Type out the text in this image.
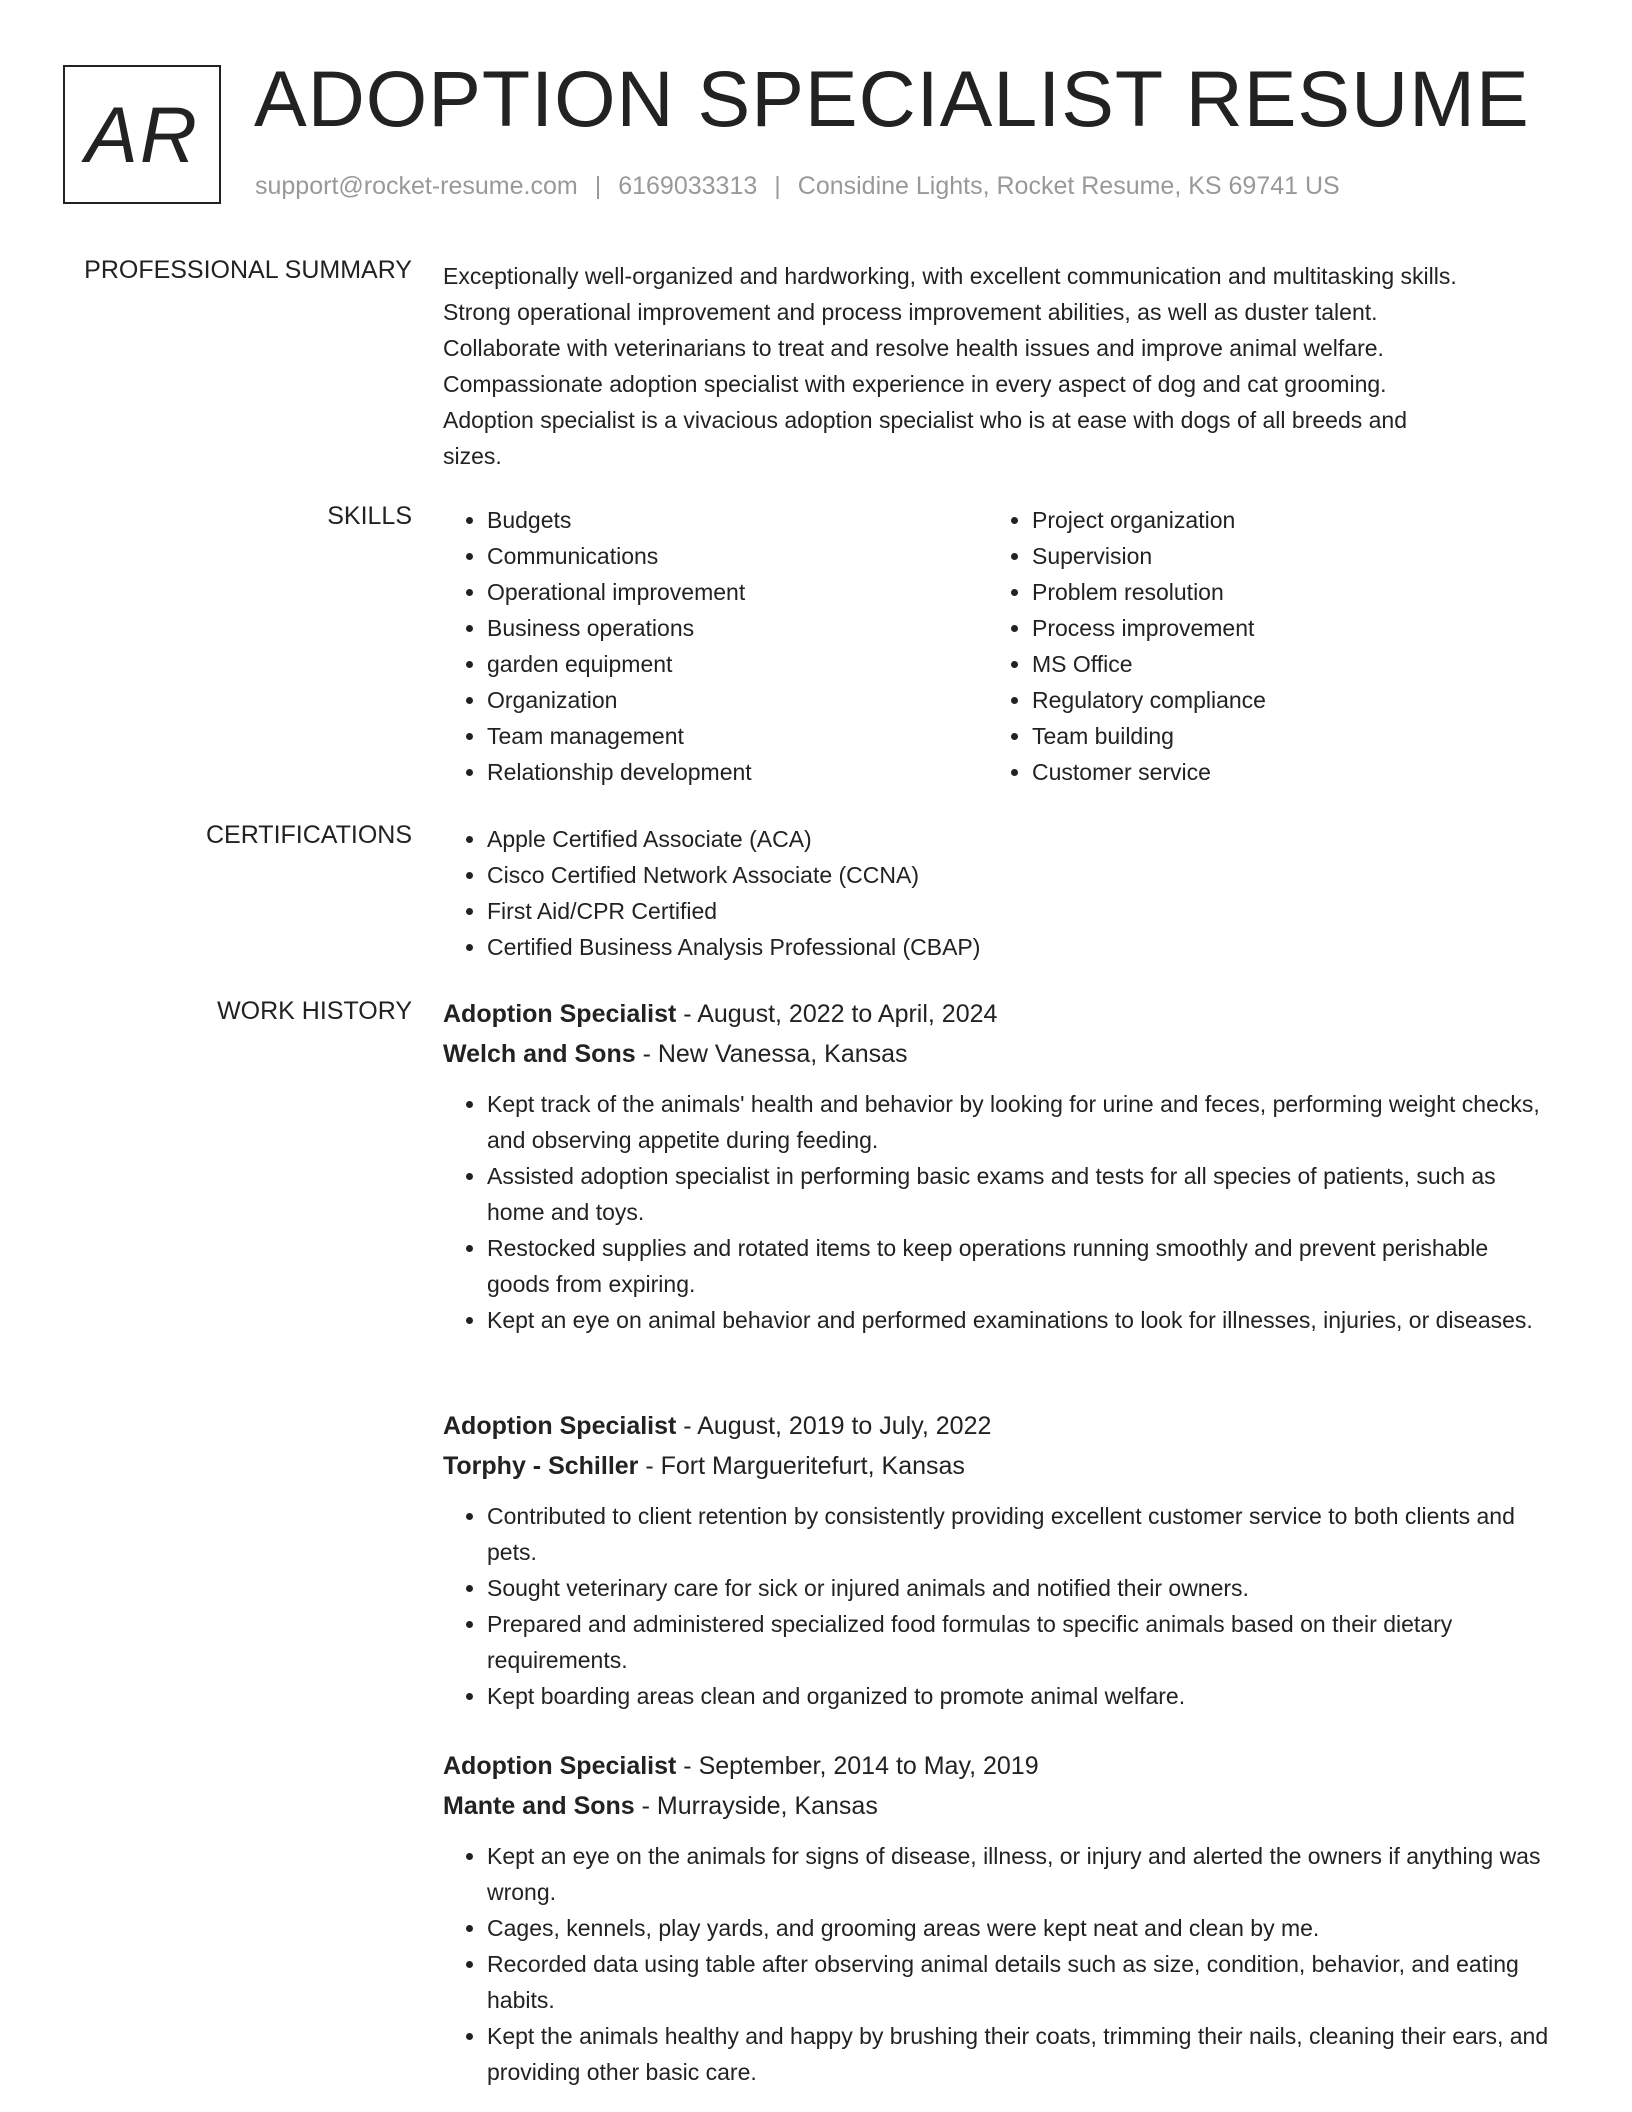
AR ADOPTION SPECIALIST RESUME
support@rocket-resume.com | 6169033313 | Considine Lights, Rocket Resume, KS 69741 US
PROFESSIONAL SUMMARY Exceptionally well-organized and hardworking, with excellent communication and multitasking skills.

Strong operational improvement and process improvement abilities, as well as duster talent.

Collaborate with veterinarians to treat and resolve health issues and improve animal welfare.

Compassionate adoption specialist with experience in every aspect of dog and cat grooming.

Adoption specialist is a vivacious adoption specialist who is at ease with dogs of all breeds and

sizes.

SKILLS	• Budgets
• Communications
• Operational improvement
• Business operations
• garden equipment
• Organization
• Team management
• Relationship development
• Project organization
• Supervision
• Problem resolution
• Process improvement
• MS Office
• Regulatory compliance
• Team building
• Customer service
CERTIFICATIONS	• Apple Certified Associate (ACA)
• Cisco Certified Network Associate (CCNA)
• First Aid/CPR Certified
• Certified Business Analysis Professional (CBAP)
WORK HISTORY Adoption Specialist - August, 2022 to April, 2024
Welch and Sons - New Vanessa, Kansas
• Kept track of the animals' health and behavior by looking for urine and feces, performing weight checks, and observing appetite during feeding.
• Assisted adoption specialist in performing basic exams and tests for all species of patients, such as home and toys.
• Restocked supplies and rotated items to keep operations running smoothly and prevent perishable goods from expiring.
• Kept an eye on animal behavior and performed examinations to look for illnesses, injuries, or diseases.
Adoption Specialist - August, 2019 to July, 2022
Torphy - Schiller - Fort Margueritefurt, Kansas
• Contributed to client retention by consistently providing excellent customer service to both clients and pets.
• Sought veterinary care for sick or injured animals and notified their owners.
• Prepared and administered specialized food formulas to specific animals based on their dietary requirements.
• Kept boarding areas clean and organized to promote animal welfare.
Adoption Specialist - September, 2014 to May, 2019
Mante and Sons - Murrayside, Kansas
• Kept an eye on the animals for signs of disease, illness, or injury and alerted the owners if anything was wrong.
• Cages, kennels, play yards, and grooming areas were kept neat and clean by me.
• Recorded data using table after observing animal details such as size, condition, behavior, and eating habits.
• Kept the animals healthy and happy by brushing their coats, trimming their nails, cleaning their ears, and providing other basic care.
